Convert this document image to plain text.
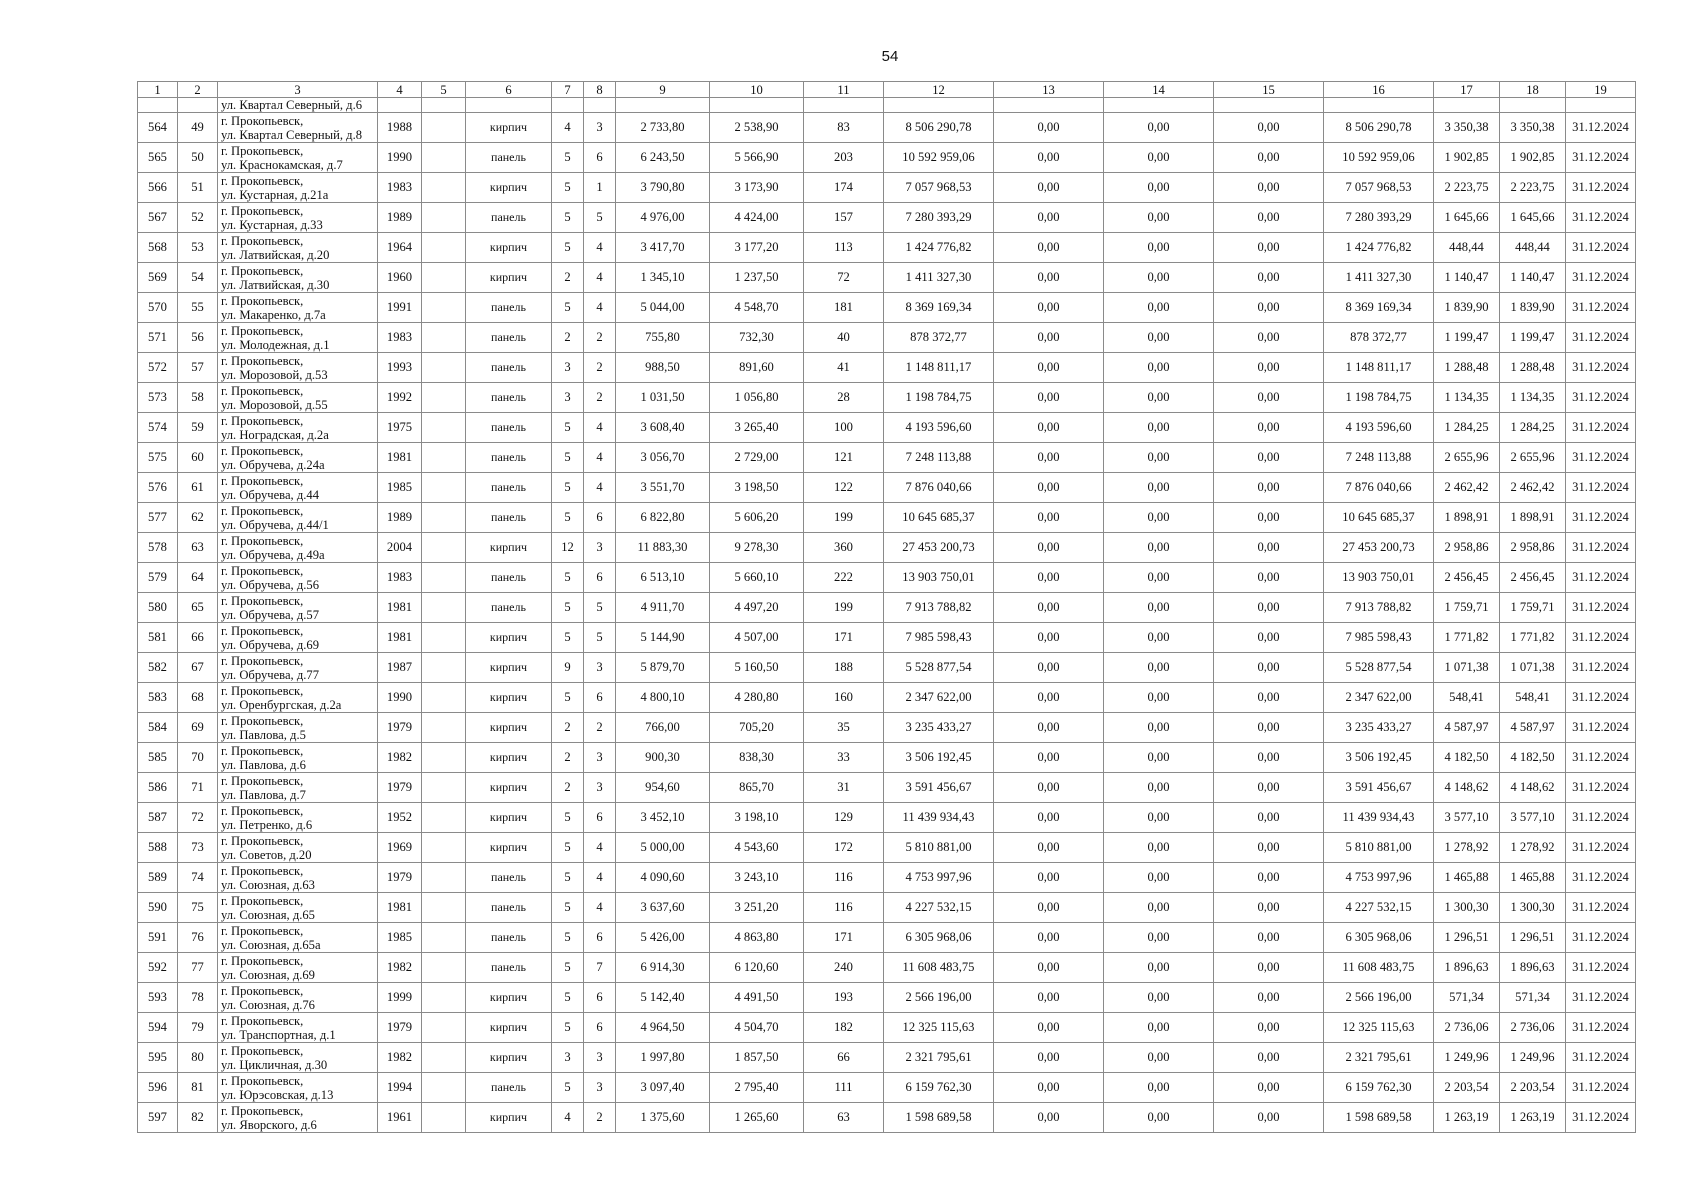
54
1	2	3	4	5	6	7	8	9	10	11	12	13	14	15	16	17	18	19
		ул. Квартал Северный, д.6																
564	49	г. Прокопьевск,
ул. Квартал Северный, д.8	1988		кирпич	4	3	2 733,80	2 538,90	83	8 506 290,78	0,00	0,00	0,00	8 506 290,78	3 350,38	3 350,38	31.12.2024
565	50	г. Прокопьевск,
ул. Краснокамская, д.7	1990		панель	5	6	6 243,50	5 566,90	203	10 592 959,06	0,00	0,00	0,00	10 592 959,06	1 902,85	1 902,85	31.12.2024
566	51	г. Прокопьевск,
ул. Кустарная, д.21а	1983		кирпич	5	1	3 790,80	3 173,90	174	7 057 968,53	0,00	0,00	0,00	7 057 968,53	2 223,75	2 223,75	31.12.2024
567	52	г. Прокопьевск,
ул. Кустарная, д.33	1989		панель	5	5	4 976,00	4 424,00	157	7 280 393,29	0,00	0,00	0,00	7 280 393,29	1 645,66	1 645,66	31.12.2024
568	53	г. Прокопьевск,
ул. Латвийская, д.20	1964		кирпич	5	4	3 417,70	3 177,20	113	1 424 776,82	0,00	0,00	0,00	1 424 776,82	448,44	448,44	31.12.2024
569	54	г. Прокопьевск,
ул. Латвийская, д.30	1960		кирпич	2	4	1 345,10	1 237,50	72	1 411 327,30	0,00	0,00	0,00	1 411 327,30	1 140,47	1 140,47	31.12.2024
570	55	г. Прокопьевск,
ул. Макаренко, д.7а	1991		панель	5	4	5 044,00	4 548,70	181	8 369 169,34	0,00	0,00	0,00	8 369 169,34	1 839,90	1 839,90	31.12.2024
571	56	г. Прокопьевск,
ул. Молодежная, д.1	1983		панель	2	2	755,80	732,30	40	878 372,77	0,00	0,00	0,00	878 372,77	1 199,47	1 199,47	31.12.2024
572	57	г. Прокопьевск,
ул. Морозовой, д.53	1993		панель	3	2	988,50	891,60	41	1 148 811,17	0,00	0,00	0,00	1 148 811,17	1 288,48	1 288,48	31.12.2024
573	58	г. Прокопьевск,
ул. Морозовой, д.55	1992		панель	3	2	1 031,50	1 056,80	28	1 198 784,75	0,00	0,00	0,00	1 198 784,75	1 134,35	1 134,35	31.12.2024
574	59	г. Прокопьевск,
ул. Ноградская, д.2а	1975		панель	5	4	3 608,40	3 265,40	100	4 193 596,60	0,00	0,00	0,00	4 193 596,60	1 284,25	1 284,25	31.12.2024
575	60	г. Прокопьевск,
ул. Обручева, д.24а	1981		панель	5	4	3 056,70	2 729,00	121	7 248 113,88	0,00	0,00	0,00	7 248 113,88	2 655,96	2 655,96	31.12.2024
576	61	г. Прокопьевск,
ул. Обручева, д.44	1985		панель	5	4	3 551,70	3 198,50	122	7 876 040,66	0,00	0,00	0,00	7 876 040,66	2 462,42	2 462,42	31.12.2024
577	62	г. Прокопьевск,
ул. Обручева, д.44/1	1989		панель	5	6	6 822,80	5 606,20	199	10 645 685,37	0,00	0,00	0,00	10 645 685,37	1 898,91	1 898,91	31.12.2024
578	63	г. Прокопьевск,
ул. Обручева, д.49а	2004		кирпич	12	3	11 883,30	9 278,30	360	27 453 200,73	0,00	0,00	0,00	27 453 200,73	2 958,86	2 958,86	31.12.2024
579	64	г. Прокопьевск,
ул. Обручева, д.56	1983		панель	5	6	6 513,10	5 660,10	222	13 903 750,01	0,00	0,00	0,00	13 903 750,01	2 456,45	2 456,45	31.12.2024
580	65	г. Прокопьевск,
ул. Обручева, д.57	1981		панель	5	5	4 911,70	4 497,20	199	7 913 788,82	0,00	0,00	0,00	7 913 788,82	1 759,71	1 759,71	31.12.2024
581	66	г. Прокопьевск,
ул. Обручева, д.69	1981		кирпич	5	5	5 144,90	4 507,00	171	7 985 598,43	0,00	0,00	0,00	7 985 598,43	1 771,82	1 771,82	31.12.2024
582	67	г. Прокопьевск,
ул. Обручева, д.77	1987		кирпич	9	3	5 879,70	5 160,50	188	5 528 877,54	0,00	0,00	0,00	5 528 877,54	1 071,38	1 071,38	31.12.2024
583	68	г. Прокопьевск,
ул. Оренбургская, д.2а	1990		кирпич	5	6	4 800,10	4 280,80	160	2 347 622,00	0,00	0,00	0,00	2 347 622,00	548,41	548,41	31.12.2024
584	69	г. Прокопьевск,
ул. Павлова, д.5	1979		кирпич	2	2	766,00	705,20	35	3 235 433,27	0,00	0,00	0,00	3 235 433,27	4 587,97	4 587,97	31.12.2024
585	70	г. Прокопьевск,
ул. Павлова, д.6	1982		кирпич	2	3	900,30	838,30	33	3 506 192,45	0,00	0,00	0,00	3 506 192,45	4 182,50	4 182,50	31.12.2024
586	71	г. Прокопьевск,
ул. Павлова, д.7	1979		кирпич	2	3	954,60	865,70	31	3 591 456,67	0,00	0,00	0,00	3 591 456,67	4 148,62	4 148,62	31.12.2024
587	72	г. Прокопьевск,
ул. Петренко, д.6	1952		кирпич	5	6	3 452,10	3 198,10	129	11 439 934,43	0,00	0,00	0,00	11 439 934,43	3 577,10	3 577,10	31.12.2024
588	73	г. Прокопьевск,
ул. Советов, д.20	1969		кирпич	5	4	5 000,00	4 543,60	172	5 810 881,00	0,00	0,00	0,00	5 810 881,00	1 278,92	1 278,92	31.12.2024
589	74	г. Прокопьевск,
ул. Союзная, д.63	1979		панель	5	4	4 090,60	3 243,10	116	4 753 997,96	0,00	0,00	0,00	4 753 997,96	1 465,88	1 465,88	31.12.2024
590	75	г. Прокопьевск,
ул. Союзная, д.65	1981		панель	5	4	3 637,60	3 251,20	116	4 227 532,15	0,00	0,00	0,00	4 227 532,15	1 300,30	1 300,30	31.12.2024
591	76	г. Прокопьевск,
ул. Союзная, д.65а	1985		панель	5	6	5 426,00	4 863,80	171	6 305 968,06	0,00	0,00	0,00	6 305 968,06	1 296,51	1 296,51	31.12.2024
592	77	г. Прокопьевск,
ул. Союзная, д.69	1982		панель	5	7	6 914,30	6 120,60	240	11 608 483,75	0,00	0,00	0,00	11 608 483,75	1 896,63	1 896,63	31.12.2024
593	78	г. Прокопьевск,
ул. Союзная, д.76	1999		кирпич	5	6	5 142,40	4 491,50	193	2 566 196,00	0,00	0,00	0,00	2 566 196,00	571,34	571,34	31.12.2024
594	79	г. Прокопьевск,
ул. Транспортная, д.1	1979		кирпич	5	6	4 964,50	4 504,70	182	12 325 115,63	0,00	0,00	0,00	12 325 115,63	2 736,06	2 736,06	31.12.2024
595	80	г. Прокопьевск,
ул. Цикличная, д.30	1982		кирпич	3	3	1 997,80	1 857,50	66	2 321 795,61	0,00	0,00	0,00	2 321 795,61	1 249,96	1 249,96	31.12.2024
596	81	г. Прокопьевск,
ул. Юрэсовская, д.13	1994		панель	5	3	3 097,40	2 795,40	111	6 159 762,30	0,00	0,00	0,00	6 159 762,30	2 203,54	2 203,54	31.12.2024
597	82	г. Прокопьевск,
ул. Яворского, д.6	1961		кирпич	4	2	1 375,60	1 265,60	63	1 598 689,58	0,00	0,00	0,00	1 598 689,58	1 263,19	1 263,19	31.12.2024
